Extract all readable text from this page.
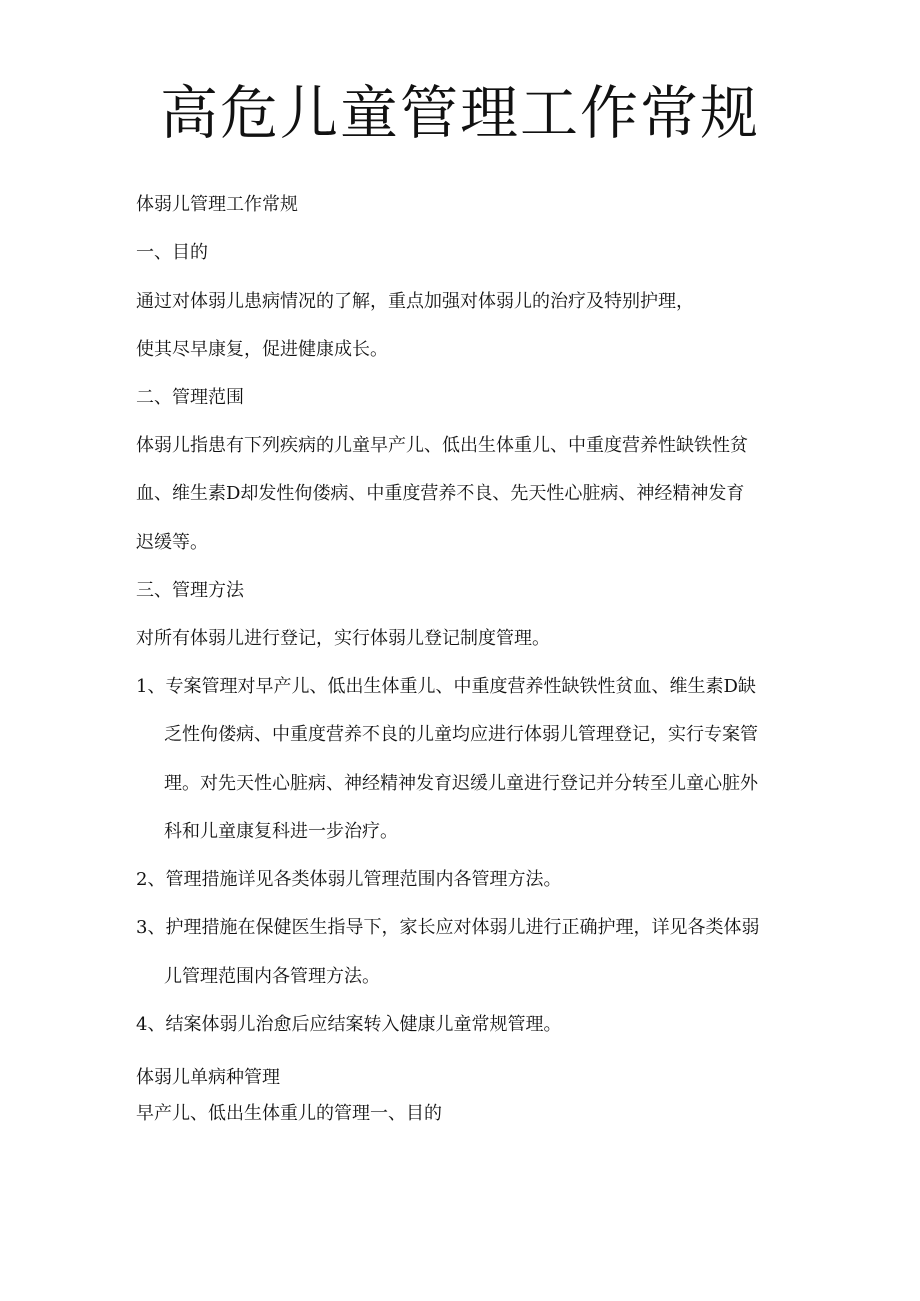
高危儿童管理工作常规

体弱儿管理工作常规

一、目的

通过对体弱儿患病情况的了解，重点加强对体弱儿的治疗及特别护理，

使其尽早康复，促进健康成长。

二、管理范围

体弱儿指患有下列疾病的儿童早产儿、低出生体重儿、中重度营养性缺铁性贫

血、维生素D却发性佝偻病、中重度营养不良、先天性心脏病、神经精神发育

迟缓等。

三、管理方法

对所有体弱儿进行登记，实行体弱儿登记制度管理。

1、专案管理对早产儿、低出生体重儿、中重度营养性缺铁性贫血、维生素D缺

乏性佝偻病、中重度营养不良的儿童均应进行体弱儿管理登记，实行专案管

理。对先天性心脏病、神经精神发育迟缓儿童进行登记并分转至儿童心脏外

科和儿童康复科进一步治疗。

2、管理措施详见各类体弱儿管理范围内各管理方法。

3、护理措施在保健医生指导下，家长应对体弱儿进行正确护理，详见各类体弱

儿管理范围内各管理方法。

4、结案体弱儿治愈后应结案转入健康儿童常规管理。

体弱儿单病种管理

早产儿、低出生体重儿的管理一、目的
